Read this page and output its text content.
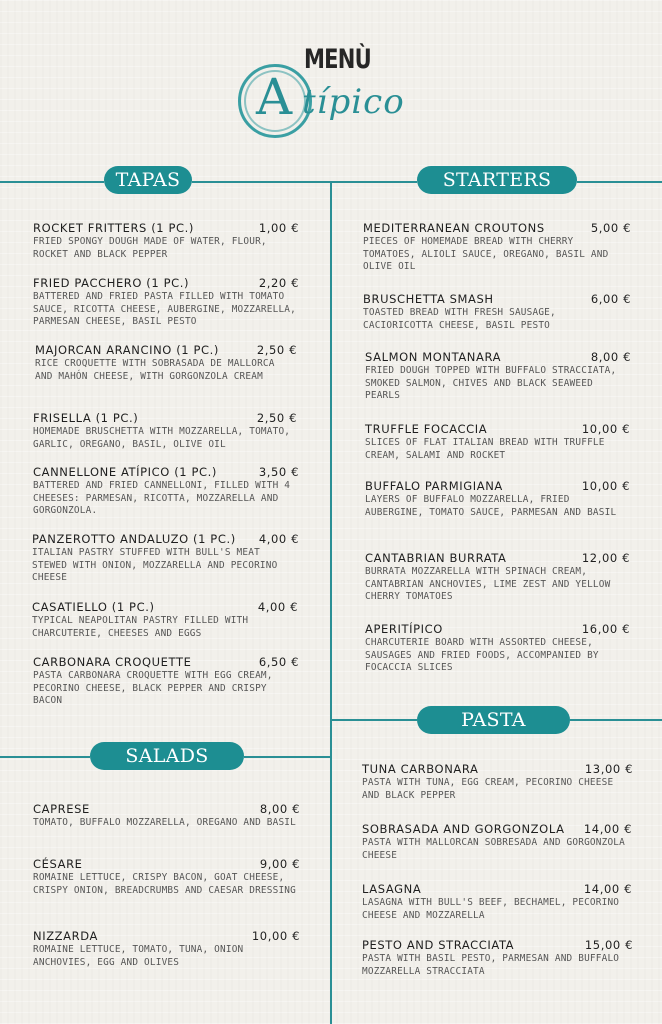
MENÙ
A típico
TAPAS	STARTERS
SALADS
PASTA
ROCKET FRITTERS (1 PC.)	1,00 €
FRIED SPONGY DOUGH MADE OF WATER, FLOUR, ROCKET AND BLACK PEPPER
FRIED PACCHERO (1 PC.)	2,20 €
BATTERED AND FRIED PASTA FILLED WITH TOMATO SAUCE, RICOTTA CHEESE, AUBERGINE, MOZZARELLA, PARMESAN CHEESE, BASIL PESTO
MAJORCAN ARANCINO (1 PC.)	2,50 €
RICE CROQUETTE WITH SOBRASADA DE MALLORCA AND MAHÓN CHEESE, WITH GORGONZOLA CREAM
FRISELLA (1 PC.)	2,50 €
HOMEMADE BRUSCHETTA WITH MOZZARELLA, TOMATO, GARLIC, OREGANO, BASIL, OLIVE OIL
CANNELLONE ATÍPICO (1 PC.)	3,50 €
BATTERED AND FRIED CANNELLONI, FILLED WITH 4 CHEESES: PARMESAN, RICOTTA, MOZZARELLA AND GORGONZOLA.
PANZEROTTO ANDALUZO (1 PC.) 4,00 €
ITALIAN PASTRY STUFFED WITH BULL'S MEAT STEWED WITH ONION, MOZZARELLA AND PECORINO CHEESE
CASATIELLO (1 PC.)	4,00 €
TYPICAL NEAPOLITAN PASTRY FILLED WITH CHARCUTERIE, CHEESES AND EGGS
CARBONARA CROQUETTE	6,50 €
PASTA CARBONARA CROQUETTE WITH EGG CREAM, PECORINO CHEESE, BLACK PEPPER AND CRISPY BACON
MEDITERRANEAN CROUTONS	5,00 €
PIECES OF HOMEMADE BREAD WITH CHERRY TOMATOES, ALIOLI SAUCE, OREGANO, BASIL AND OLIVE OIL
BRUSCHETTA SMASH	6,00 €
TOASTED BREAD WITH FRESH SAUSAGE, CACIORICOTTA CHEESE, BASIL PESTO
SALMON MONTANARA	8,00 €
FRIED DOUGH TOPPED WITH BUFFALO STRACCIATA, SMOKED SALMON, CHIVES AND BLACK SEAWEED PEARLS
TRUFFLE FOCACCIA	10,00 €
SLICES OF FLAT ITALIAN BREAD WITH TRUFFLE CREAM, SALAMI AND ROCKET
BUFFALO PARMIGIANA	10,00 €
LAYERS OF BUFFALO MOZZARELLA, FRIED AUBERGINE, TOMATO SAUCE, PARMESAN AND BASIL
CANTABRIAN BURRATA	12,00 €
BURRATA MOZZARELLA WITH SPINACH CREAM, CANTABRIAN ANCHOVIES, LIME ZEST AND YELLOW CHERRY TOMATOES
APERITÍPICO	16,00 €
CHARCUTERIE BOARD WITH ASSORTED CHEESE, SAUSAGES AND FRIED FOODS, ACCOMPANIED BY FOCACCIA SLICES
CAPRESE	8,00 €
TOMATO, BUFFALO MOZZARELLA, OREGANO AND BASIL
CÉSARE	9,00 €
ROMAINE LETTUCE, CRISPY BACON, GOAT CHEESE, CRISPY ONION, BREADCRUMBS AND CAESAR DRESSING
NIZZARDA	10,00 €
ROMAINE LETTUCE, TOMATO, TUNA, ONION ANCHOVIES, EGG AND OLIVES
TUNA CARBONARA	13,00 €
PASTA WITH TUNA, EGG CREAM, PECORINO CHEESE AND BLACK PEPPER
SOBRASADA AND GORGONZOLA 14,00 €
PASTA WITH MALLORCAN SOBRESADA AND GORGONZOLA CHEESE
LASAGNA	14,00 €
LASAGNA WITH BULL'S BEEF, BECHAMEL, PECORINO CHEESE AND MOZZARELLA
PESTO AND STRACCIATA	15,00 €
PASTA WITH BASIL PESTO, PARMESAN AND BUFFALO MOZZARELLA STRACCIATA
